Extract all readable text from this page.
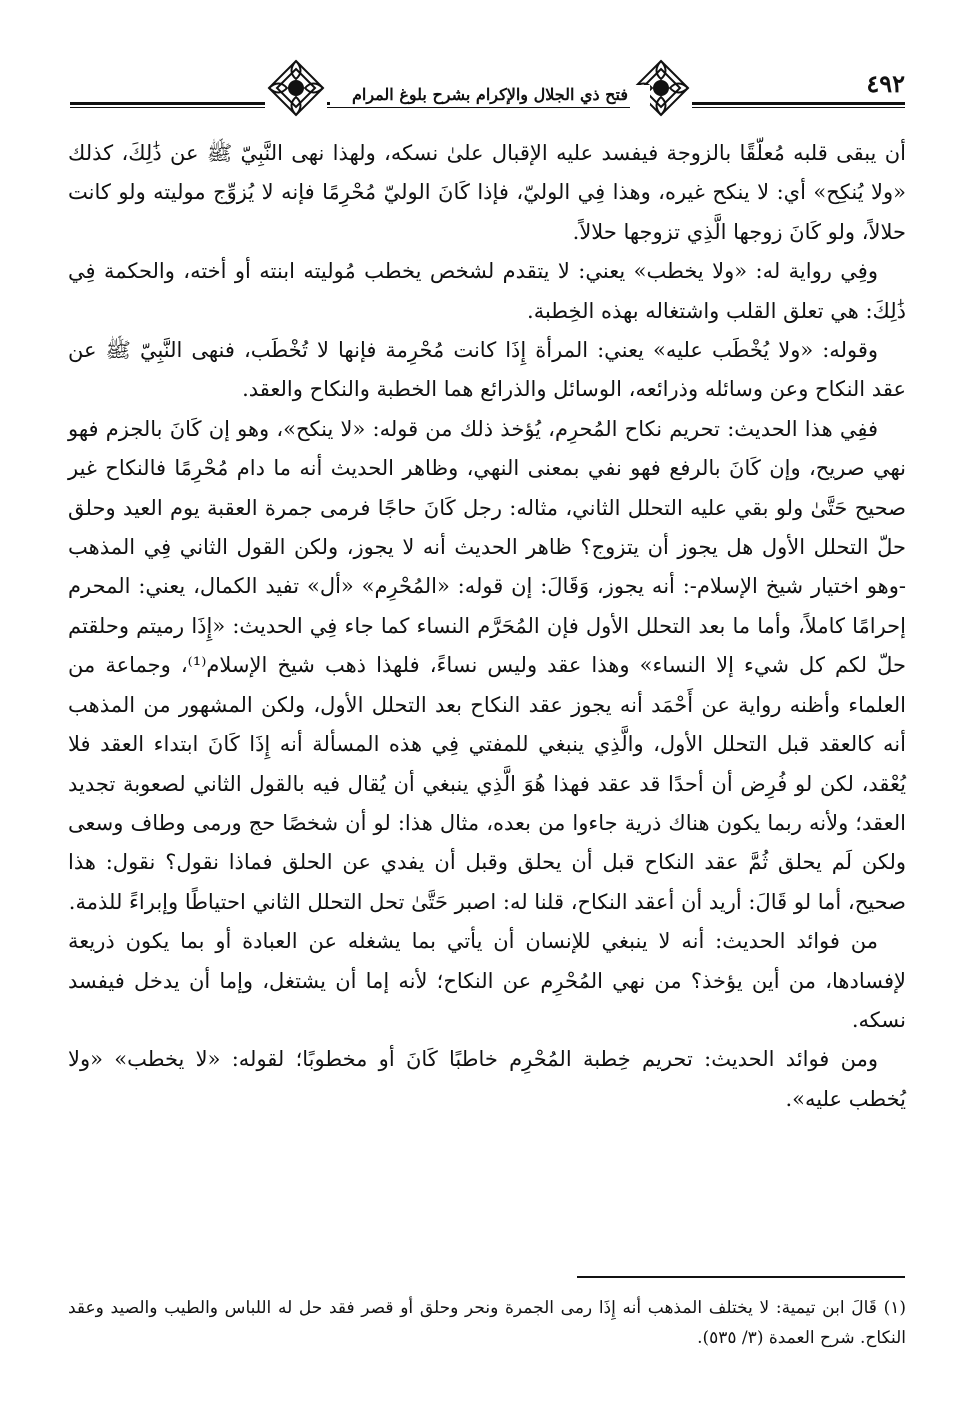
فتح ذي الجلال والإكرام بشرح بلوغ المرام	٤٩٢

أن يبقى قلبه مُعلّقًا بالزوجة فيفسد عليه الإقبال علىٰ نسكه، ولهذا نهى النَّبِيّ ﷺ عن ذَٰلِكَ، كذلك «ولا يُنكِح» أي: لا ينكح غيره، وهذا فِي الوليّ، فإذا كَانَ الوليّ مُحْرِمًا فإنه لا يُزوِّج موليته ولو كانت حلالاً، ولو كَانَ زوجها الَّذِي تزوجها حلالاً.

وفِي رواية له: «ولا يخطب» يعني: لا يتقدم لشخص يخطب مُوليته ابنته أو أخته، والحكمة فِي ذَٰلِكَ: هي تعلق القلب واشتغاله بهذه الخِطبة.

وقوله: «ولا يُخْطَب عليه» يعني: المرأة إِذَا كانت مُحْرِمة فإنها لا تُخْطَب، فنهى النَّبِيّ ﷺ عن عقد النكاح وعن وسائله وذرائعه، الوسائل والذرائع هما الخطبة والنكاح والعقد.

ففِي هذا الحديث: تحريم نكاح المُحرِم، يُؤخذ ذلك من قوله: «لا ينكح»، وهو إن كَانَ بالجزم فهو نهي صريح، وإن كَانَ بالرفع فهو نفي بمعنى النهي، وظاهر الحديث أنه ما دام مُحْرِمًا فالنكاح غير صحيح حَتَّىٰ ولو بقي عليه التحلل الثاني، مثاله: رجل كَانَ حاجًا فرمى جمرة العقبة يوم العيد وحلق حلّ التحلل الأول هل يجوز أن يتزوج؟ ظاهر الحديث أنه لا يجوز، ولكن القول الثاني فِي المذهب -وهو اختيار شيخ الإسلام-: أنه يجوز، وَقَالَ: إن قوله: «المُحْرِم» «أل» تفيد الكمال، يعني: المحرم إحرامًا كاملاً، وأما ما بعد التحلل الأول فإن المُحَرَّم النساء كما جاء فِي الحديث: «إِذَا رميتم وحلقتم حلّ لكم كل شيء إلا النساء» وهذا عقد وليس نساءً، فلهذا ذهب شيخ الإسلام⁽¹⁾، وجماعة من العلماء وأظنه رواية عن أَحْمَد أنه يجوز عقد النكاح بعد التحلل الأول، ولكن المشهور من المذهب أنه كالعقد قبل التحلل الأول، والَّذِي ينبغي للمفتي فِي هذه المسألة أنه إِذَا كَانَ ابتداء العقد فلا يُعْقد، لكن لو فُرِض أن أحدًا قد عقد فهذا هُوَ الَّذِي ينبغي أن يُقال فيه بالقول الثاني لصعوبة تجديد العقد؛ ولأنه ربما يكون هناك ذرية جاءوا من بعده، مثال هذا: لو أن شخصًا حج ورمى وطاف وسعى ولكن لَم يحلق ثُمَّ عقد النكاح قبل أن يحلق وقبل أن يفدي عن الحلق فماذا نقول؟ نقول: هذا صحيح، أما لو قَالَ: أريد أن أعقد النكاح، قلنا له: اصبر حَتَّىٰ تحل التحلل الثاني احتياطًا وإبراءً للذمة.

من فوائد الحديث: أنه لا ينبغي للإنسان أن يأتي بما يشغله عن العبادة أو بما يكون ذريعة لإفسادها، من أين يؤخذ؟ من نهي المُحْرِم عن النكاح؛ لأنه إما أن يشتغل، وإما أن يدخل فيفسد نسكه.

ومن فوائد الحديث: تحريم خِطبة المُحْرِم خاطبًا كَانَ أو مخطوبًا؛ لقوله: «لا يخطب» «ولا يُخطب عليه».

(١) قَالَ ابن تيمية: لا يختلف المذهب أنه إِذَا رمى الجمرة ونحر وحلق أو قصر فقد حل له اللباس والطيب والصيد وعقد النكاح. شرح العمدة (٣/ ٥٣٥).
